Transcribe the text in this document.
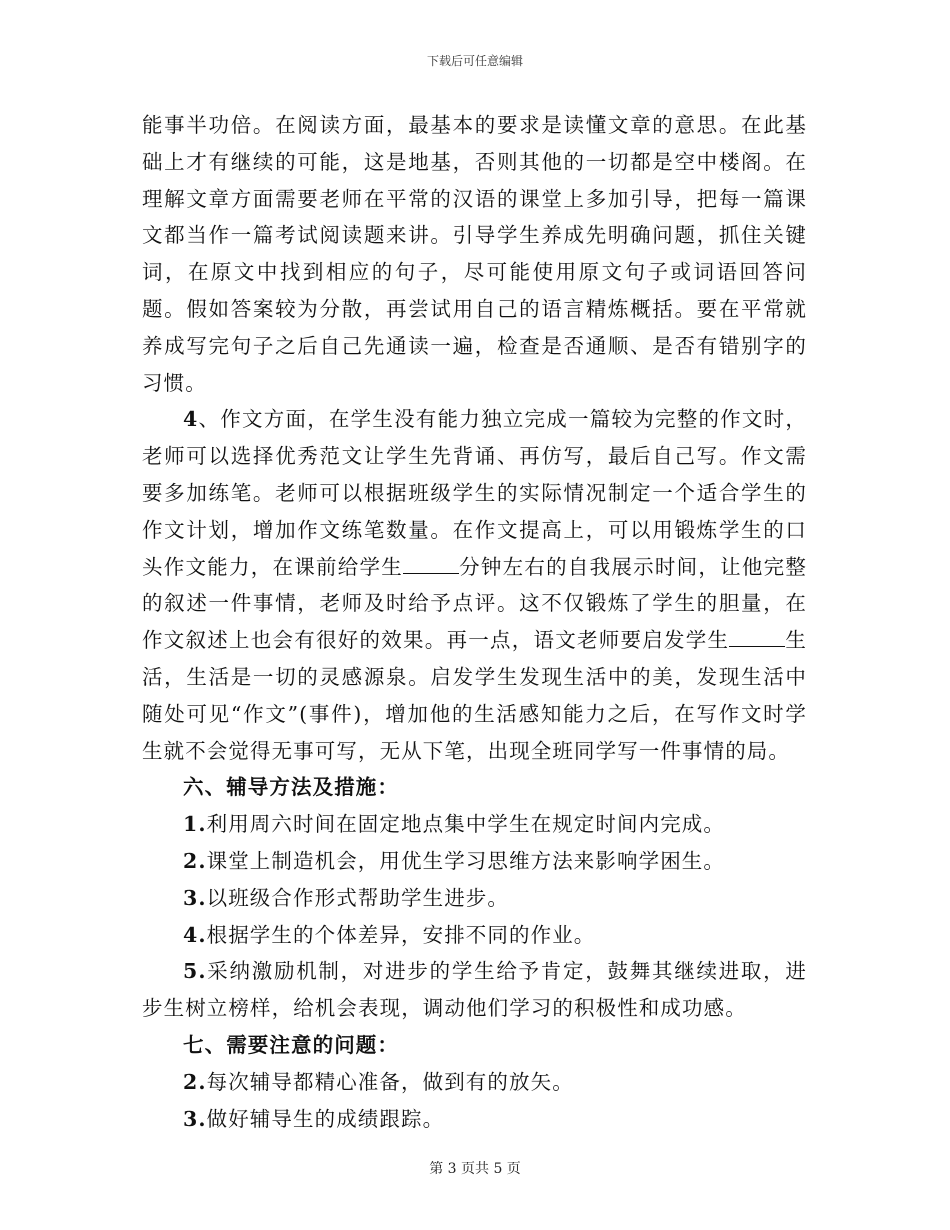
下载后可任意编辑

能事半功倍。在阅读方面，最基本的要求是读懂文章的意思。在此基础上才有继续的可能，这是地基，否则其他的一切都是空中楼阁。在理解文章方面需要老师在平常的汉语的课堂上多加引导，把每一篇课文都当作一篇考试阅读题来讲。引导学生养成先明确问题，抓住关键词，在原文中找到相应的句子，尽可能使用原文句子或词语回答问题。假如答案较为分散，再尝试用自己的语言精炼概括。要在平常就养成写完句子之后自己先通读一遍，检查是否通顺、是否有错别字的习惯。

4、作文方面，在学生没有能力独立完成一篇较为完整的作文时，老师可以选择优秀范文让学生先背诵、再仿写，最后自己写。作文需要多加练笔。老师可以根据班级学生的实际情况制定一个适合学生的作文计划，增加作文练笔数量。在作文提高上，可以用锻炼学生的口头作文能力，在课前给学生	分钟左右的自我展示时间，让他完整的叙述一件事情，老师及时给予点评。这不仅锻炼了学生的胆量，在作文叙述上也会有很好的效果。再一点，语文老师要启发学生	生活，生活是一切的灵感源泉。启发学生发现生活中的美，发现生活中随处可见“作文”(事件)，增加他的生活感知能力之后，在写作文时学生就不会觉得无事可写，无从下笔，出现全班同学写一件事情的局。

六、辅导方法及措施：

1.利用周六时间在固定地点集中学生在规定时间内完成。

2.课堂上制造机会，用优生学习思维方法来影响学困生。

3.以班级合作形式帮助学生进步。

4.根据学生的个体差异，安排不同的作业。

5.采纳激励机制，对进步的学生给予肯定，鼓舞其继续进取，进步生树立榜样，给机会表现，调动他们学习的积极性和成功感。

七、需要注意的问题：

2.每次辅导都精心准备，做到有的放矢。

3.做好辅导生的成绩跟踪。

第 3 页共 5 页
